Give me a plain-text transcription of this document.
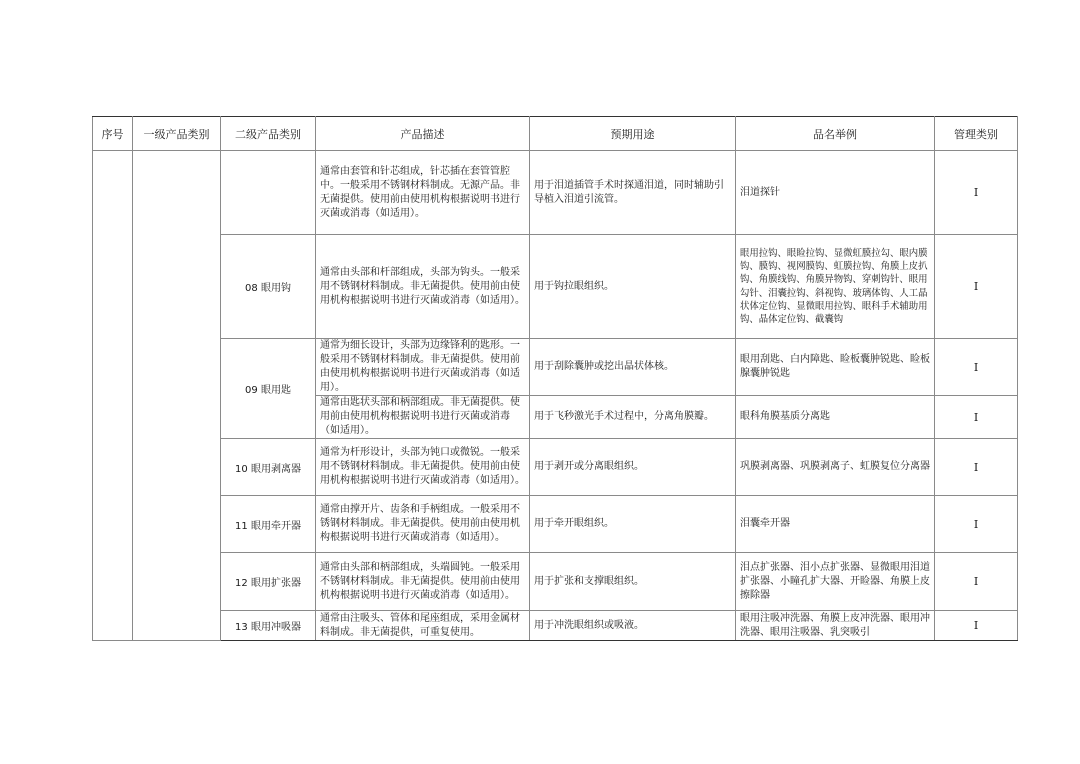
序号	一级产品类别	二级产品类别	产品描述	预期用途	品名举例	管理类别
			通常由套管和针芯组成，针芯插在套管管腔中。一般采用不锈钢材料制成。无源产品。非无菌提供。使用前由使用机构根据说明书进行灭菌或消毒（如适用）。	用于泪道插管手术时探通泪道，同时辅助引导植入泪道引流管。	泪道探针	I
		08 眼用钩	通常由头部和杆部组成，头部为钩头。一般采用不锈钢材料制成。非无菌提供。使用前由使用机构根据说明书进行灭菌或消毒（如适用）。	用于钩拉眼组织。	眼用拉钩、眼睑拉钩、显微虹膜拉勾、眼内膜钩、膜钩、视网膜钩、虹膜拉钩、角膜上皮扒钩、角膜线钩、角膜异物钩、穿刺钩针、眼用勾针、泪囊拉钩、斜视钩、玻璃体钩、人工晶状体定位钩、显微眼用拉钩、眼科手术辅助用钩、晶体定位钩、截囊钩	I
		09 眼用匙	通常为细长设计，头部为边缘锋利的匙形。一般采用不锈钢材料制成。非无菌提供。使用前由使用机构根据说明书进行灭菌或消毒（如适用）。	用于刮除囊肿或挖出晶状体核。	眼用刮匙、白内障匙、睑板囊肿锐匙、睑板腺囊肿锐匙	I
			通常由匙状头部和柄部组成。非无菌提供。使用前由使用机构根据说明书进行灭菌或消毒（如适用）。	用于飞秒激光手术过程中，分离角膜瓣。	眼科角膜基质分离匙	I
		10 眼用剥离器	通常为杆形设计，头部为钝口或微锐。一般采用不锈钢材料制成。非无菌提供。使用前由使用机构根据说明书进行灭菌或消毒（如适用）。	用于剥开或分离眼组织。	巩膜剥离器、巩膜剥离子、虹膜复位分离器	I
		11 眼用牵开器	通常由撑开片、齿条和手柄组成。一般采用不锈钢材料制成。非无菌提供。使用前由使用机构根据说明书进行灭菌或消毒（如适用）。	用于牵开眼组织。	泪囊牵开器	I
		12 眼用扩张器	通常由头部和柄部组成，头端圆钝。一般采用不锈钢材料制成。非无菌提供。使用前由使用机构根据说明书进行灭菌或消毒（如适用）。	用于扩张和支撑眼组织。	泪点扩张器、泪小点扩张器、显微眼用泪道扩张器、小瞳孔扩大器、开睑器、角膜上皮擦除器	I
		13 眼用冲吸器	通常由注吸头、管体和尾座组成，采用金属材料制成。非无菌提供，可重复使用。	用于冲洗眼组织或吸液。	眼用注吸冲洗器、角膜上皮冲洗器、眼用冲洗器、眼用注吸器、乳突吸引	I
